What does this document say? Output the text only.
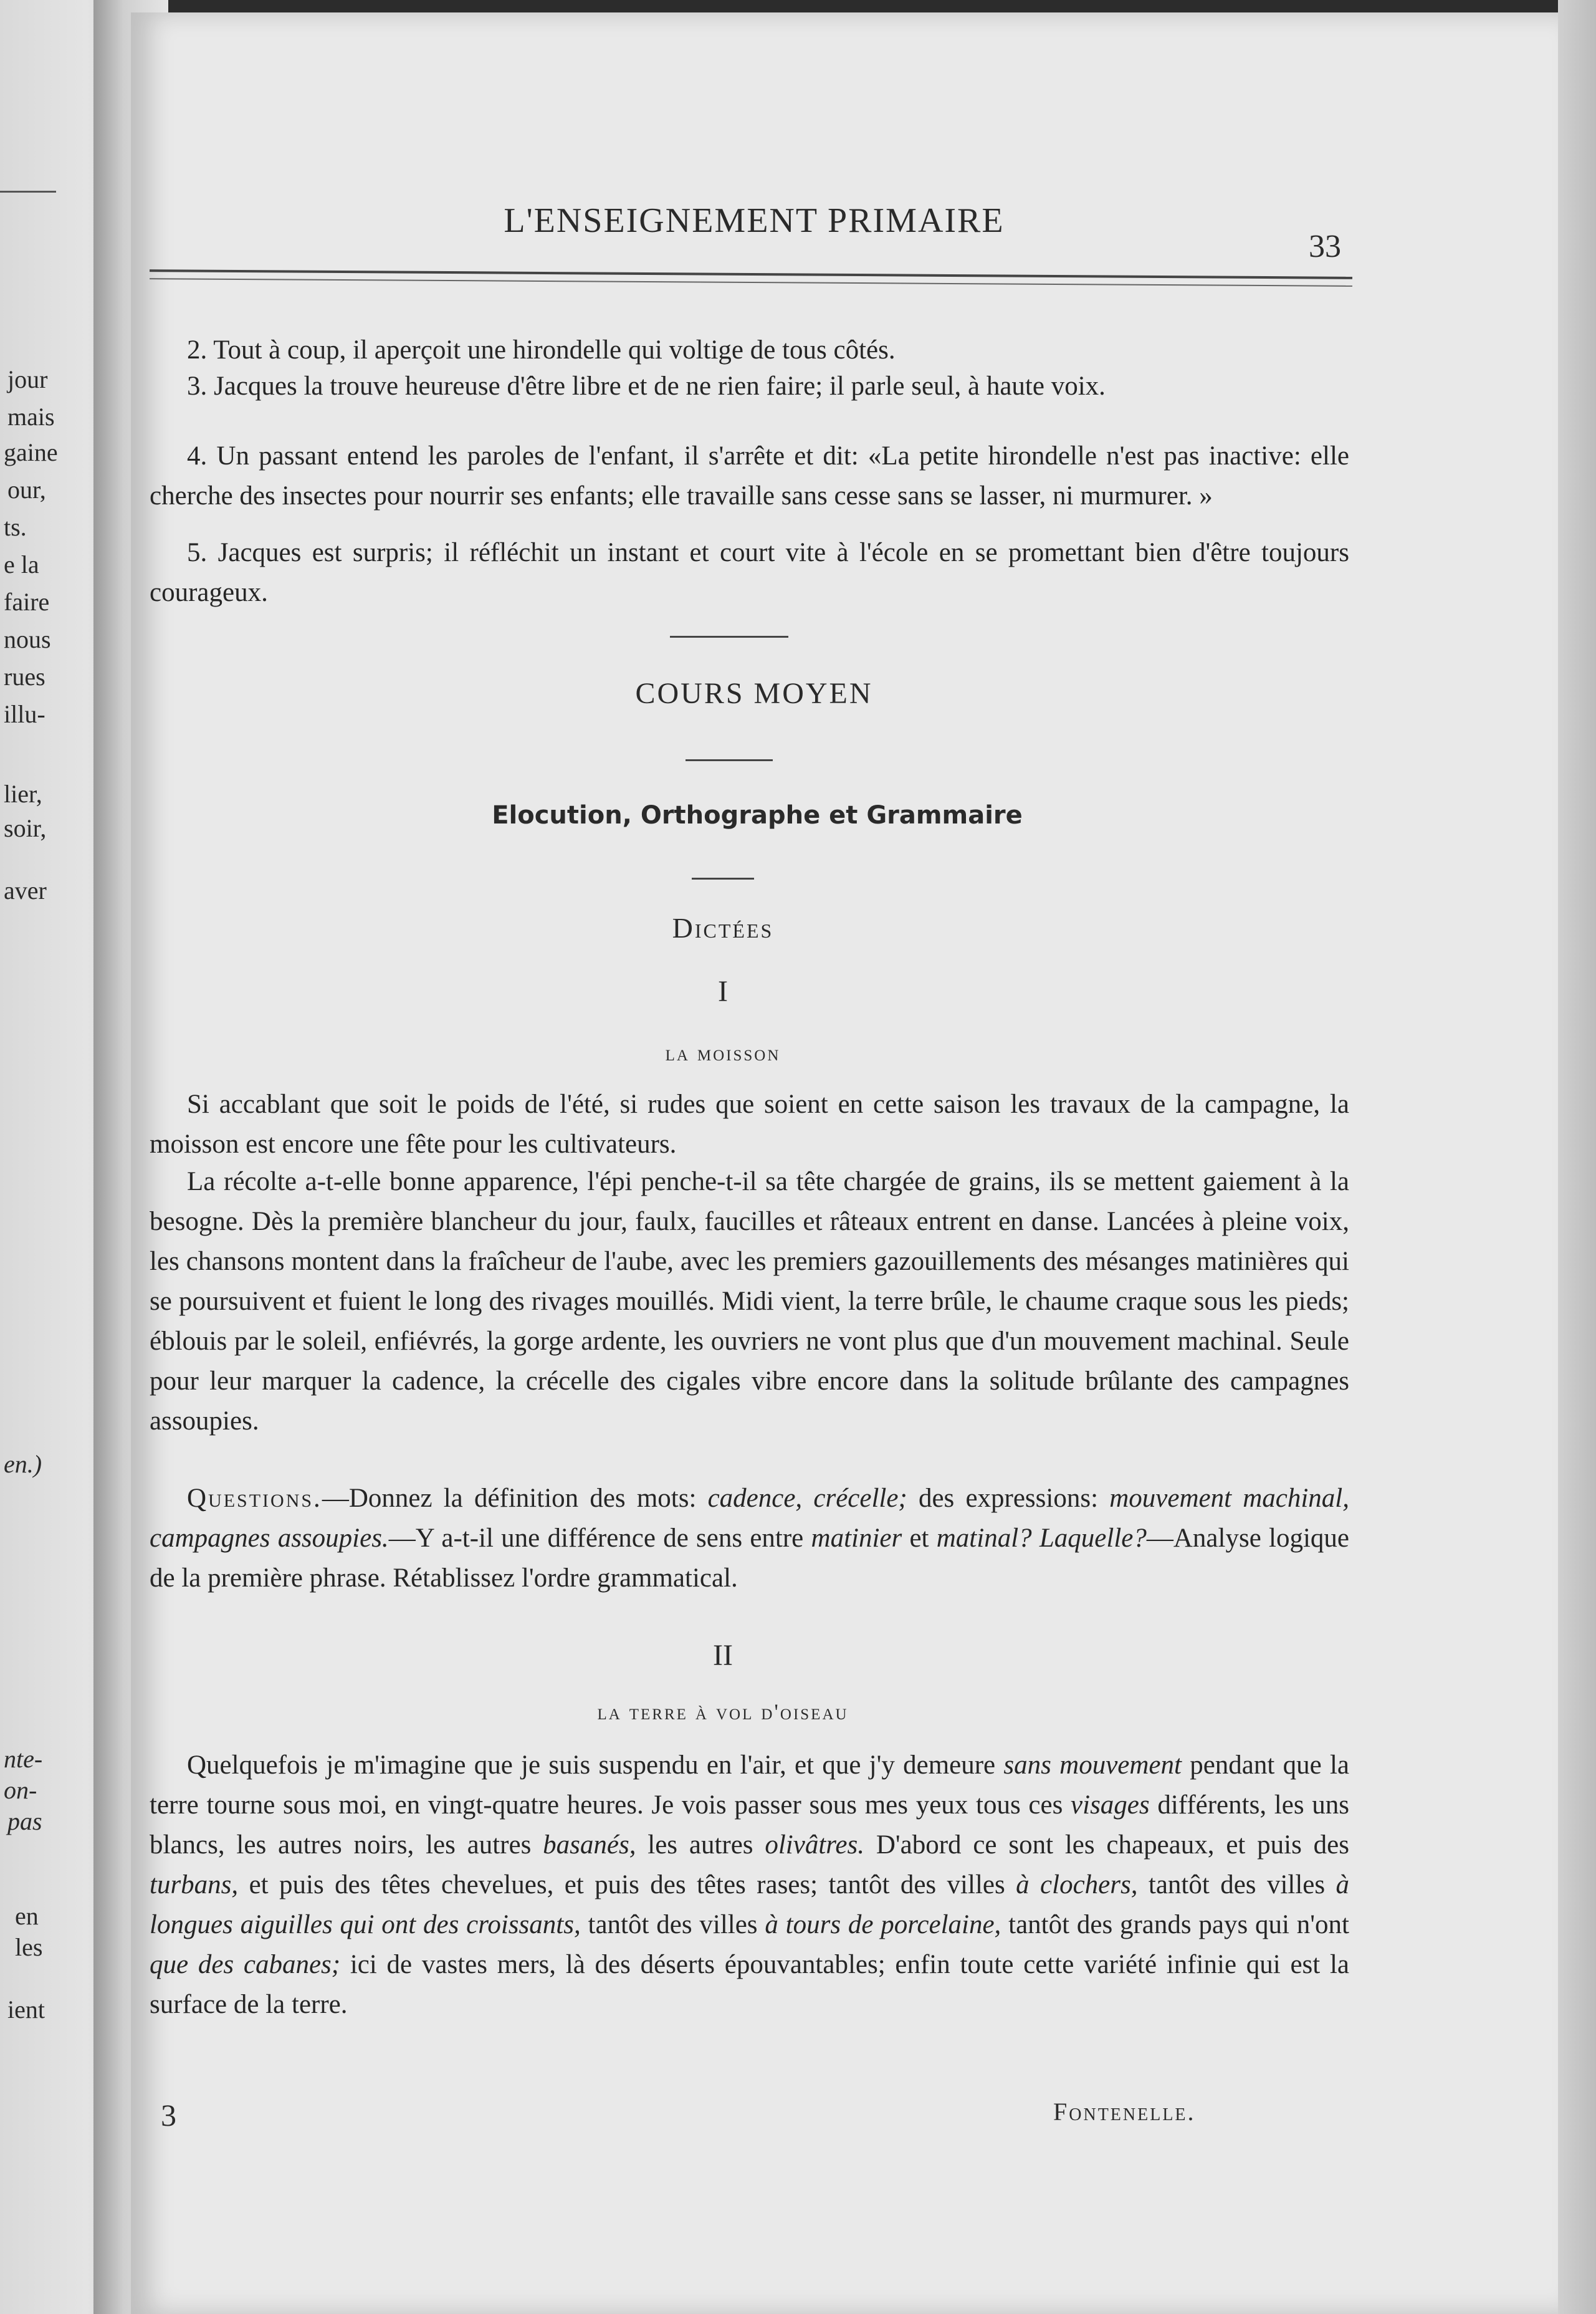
jour
mais
gaine
our,
ts.
e la
faire
nous
rues
illu-
lier,
soir,
aver
en.)
nte-
on-
pas
en
les
ient
L'ENSEIGNEMENT PRIMAIRE
33
2. Tout à coup, il aperçoit une hirondelle qui voltige de tous côtés.
3. Jacques la trouve heureuse d'être libre et de ne rien faire; il parle seul, à haute voix.
4. Un passant entend les paroles de l'enfant, il s'arrête et dit: «La petite hirondelle n'est pas inactive: elle cherche des insectes pour nourrir ses enfants; elle travaille sans cesse sans se lasser, ni murmurer. »
5. Jacques est surpris; il réfléchit un instant et court vite à l'école en se promettant bien d'être toujours courageux.
COURS MOYEN
Elocution, Orthographe et Grammaire
Dictées
I
la moisson
Si accablant que soit le poids de l'été, si rudes que soient en cette saison les travaux de la campagne, la moisson est encore une fête pour les cultivateurs.
La récolte a-t-elle bonne apparence, l'épi penche-t-il sa tête chargée de grains, ils se mettent gaiement à la besogne. Dès la première blancheur du jour, faulx, faucilles et râteaux entrent en danse. Lancées à pleine voix, les chansons montent dans la fraîcheur de l'aube, avec les premiers gazouillements des mésanges matinières qui se poursuivent et fuient le long des rivages mouillés. Midi vient, la terre brûle, le chaume craque sous les pieds; éblouis par le soleil, enfiévrés, la gorge ardente, les ouvriers ne vont plus que d'un mouvement machinal. Seule pour leur marquer la cadence, la crécelle des cigales vibre encore dans la solitude brûlante des campagnes assoupies.
Questions.—Donnez la définition des mots: cadence, crécelle; des expressions: mouvement machinal, campagnes assoupies.—Y a-t-il une différence de sens entre matinier et matinal? Laquelle?—Analyse logique de la première phrase. Rétablissez l'ordre grammatical.
II
la terre à vol d'oiseau
Quelquefois je m'imagine que je suis suspendu en l'air, et que j'y demeure sans mouvement pendant que la terre tourne sous moi, en vingt-quatre heures. Je vois passer sous mes yeux tous ces visages différents, les uns blancs, les autres noirs, les autres basanés, les autres olivâtres. D'abord ce sont les chapeaux, et puis des turbans, et puis des têtes chevelues, et puis des têtes rases; tantôt des villes à clochers, tantôt des villes à longues aiguilles qui ont des croissants, tantôt des villes à tours de porcelaine, tantôt des grands pays qui n'ont que des cabanes; ici de vastes mers, là des déserts épouvantables; enfin toute cette variété infinie qui est la surface de la terre.
3	Fontenelle.
